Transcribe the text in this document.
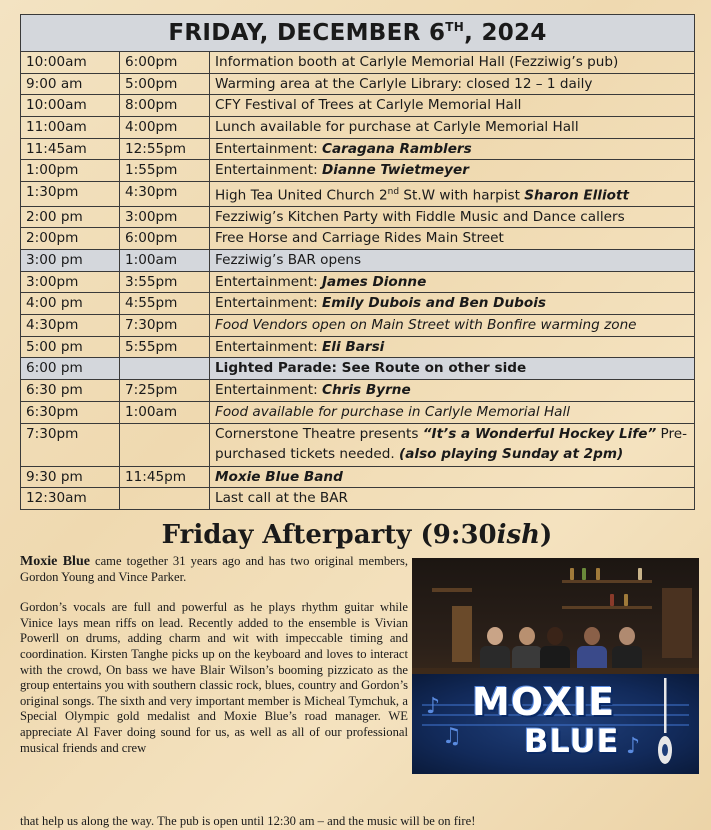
FRIDAY, DECEMBER 6TH, 2024		
10:00am	6:00pm	Information booth at Carlyle Memorial Hall (Fezziwig’s pub)
9:00 am	5:00pm	Warming area at the Carlyle Library: closed 12 – 1 daily
10:00am	8:00pm	CFY Festival of Trees at Carlyle Memorial Hall
11:00am	4:00pm	Lunch available for purchase at Carlyle Memorial Hall
11:45am	12:55pm	Entertainment: Caragana Ramblers
1:00pm	1:55pm	Entertainment: Dianne Twietmeyer
1:30pm	4:30pm	High Tea United Church 2nd St.W with harpist Sharon Elliott
2:00 pm	3:00pm	Fezziwig’s Kitchen Party with Fiddle Music and Dance callers
2:00pm	6:00pm	Free Horse and Carriage Rides Main Street
3:00 pm	1:00am	Fezziwig’s BAR opens
3:00pm	3:55pm	Entertainment: James Dionne
4:00 pm	4:55pm	Entertainment: Emily Dubois and Ben Dubois
4:30pm	7:30pm	Food Vendors open on Main Street with Bonfire warming zone
5:00 pm	5:55pm	Entertainment: Eli Barsi
6:00 pm		Lighted Parade: See Route on other side
6:30 pm	7:25pm	Entertainment: Chris Byrne
6:30pm	1:00am	Food available for purchase in Carlyle Memorial Hall
7:30pm		Cornerstone Theatre presents “It’s a Wonderful Hockey Life” Pre-purchased tickets needed. (also playing Sunday at 2pm)
9:30 pm	11:45pm	Moxie Blue Band
12:30am		Last call at the BAR
Friday Afterparty (9:30ish)

Moxie Blue came together 31 years ago and has two original members, Gordon Young and Vince Parker.

Gordon’s vocals are full and powerful as he plays rhythm guitar while Vinice lays mean riffs on lead. Recently added to the ensemble is Vivian Powerll on drums, adding charm and wit with impeccable timing and coordination. Kirsten Tanghe picks up on the keyboard and loves to interact with the crowd, On bass we have Blair Wilson’s booming pizzicato as the group entertains you with southern classic rock, blues, country and Gordon’s original songs. The sixth and very important member is Micheal Tymchuk, a Special Olympic gold medalist and Moxie Blue’s road manager. WE appreciate Al Faver doing sound for us, as well as all of our professional musical friends and crew

that help us along the way. The pub is open until 12:30 am – and the music will be on fire!
♪
♫	♪
MOXIE
BLUE
